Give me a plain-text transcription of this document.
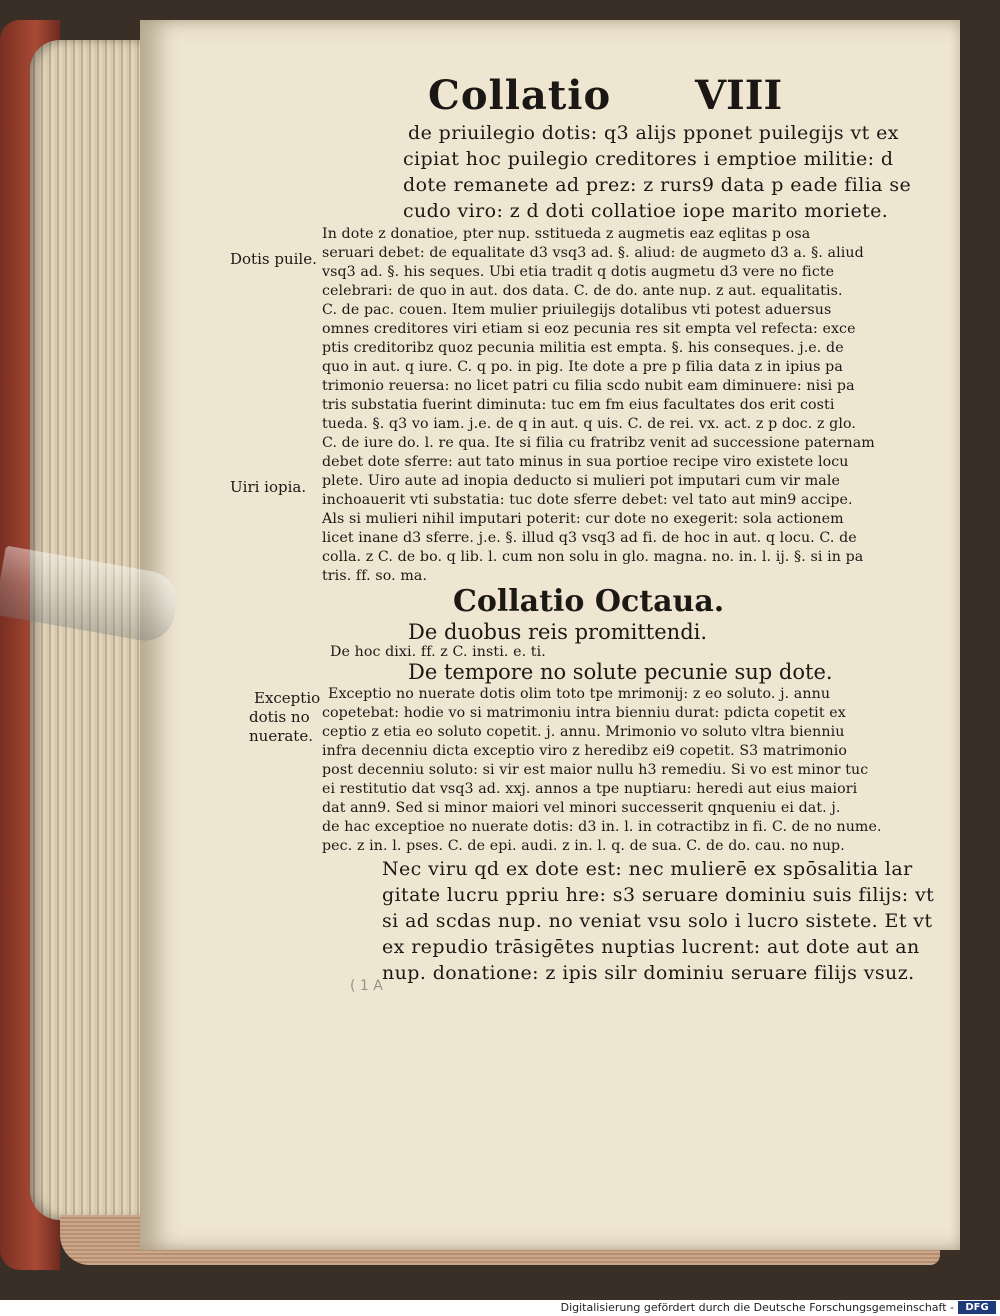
Collatio VIII
de priuilegio dotis: q3 alijs pponet puilegijs vt ex
cipiat hoc puilegio creditores i emptioe militie: d
dote remanete ad prez: z rurs9 data p eade filia se
cudo viro: z d doti collatioe iope marito moriete.
In dote z donatioe, pter nup. sstitueda z augmetis eaz eqlitas p osa
seruari debet: de equalitate d3 vsq3 ad. §. aliud: de augmeto d3 a. §. aliud
vsq3 ad. §. his seques. Ubi etia tradit q dotis augmetu d3 vere no ficte
celebrari: de quo in aut. dos data. C. de do. ante nup. z aut. equalitatis.
C. de pac. couen. Item mulier priuilegijs dotalibus vti potest aduersus
omnes creditores viri etiam si eoz pecunia res sit empta vel refecta: excе
ptis creditoribz quoz pecunia militia est empta. §. his conseques. j.e. de
quo in aut. q iure. C. q po. in pig. Ite dote a pre p filia data z in ipius pa
trimonio reuersa: no licet patri cu filia scdo nubit eam diminuere: nisi pa
tris substatia fuerint diminuta: tuc em fm eius facultates dos erit costi
tueda. §. q3 vo iam. j.e. de q in aut. q uis. C. de rei. vx. act. z p doc. z glo.
C. de iure do. l. re qua. Ite si filia cu fratribz venit ad successione paternam
debet dote sferre: aut tato minus in sua portioe recipe viro existete locu
plete. Uiro aute ad inopia deducto si mulieri pot imputari cum vir male
inchoauerit vti substatia: tuc dote sferre debet: vel tato aut min9 accipe.
Als si mulieri nihil imputari poterit: cur dote no exegerit: sola actionem
licet inane d3 sferre. j.e. §. illud q3 vsq3 ad fi. de hoc in aut. q locu. C. de
colla. z C. de bo. q lib. l. cum non solu in glo. magna. no. in. l. ij. §. si in pa
tris. ff. so. ma.
Dotis puile.
Uiri iopia.
Exceptio
dotis no
nuerate.
Collatio Octaua.
De duobus reis promittendi.
De hoc dixi. ff. z C. insti. e. ti.
De tempore no solute pecunie sup dote.
Exceptio no nuerate dotis olim toto tpe mrimonij: z eo soluto. j. annu
copetebat: hodie vo si matrimoniu intra bienniu durat: pdicta copetit ex
ceptio z etia eo soluto copetit. j. annu. Mrimonio vo soluto vltra bienniu
infra decenniu dicta exceptio viro z heredibz ei9 copetit. S3 matrimonio
post decenniu soluto: si vir est maior nullu h3 remediu. Si vo est minor tuc
ei restitutio dat vsq3 ad. xxj. annos a tpe nuptiaru: heredi aut eius maiori
dat ann9. Sed si minor maiori vel minori successerit qnqueniu ei dat. j.
de hac exceptioe no nuerate dotis: d3 in. l. in cotractibz in fi. C. de no nume.
pec. z in. l. pses. C. de epi. audi. z in. l. q. de sua. C. de do. cau. no nup.
Nec viru qd ex dote est: nec mulierē ex spōsalitia lar
gitate lucru ppriu hre: s3 seruare dominiu suis filijs: vt
si ad scdas nup. no veniat vsu solo i lucro sistete. Et vt
ex repudio trāsigētes nuptias lucrent: aut dote aut an
nup. donatione: z ipis silr dominiu seruare filijs vsuz.
( 1 A
Digitalisierung gefördert durch die Deutsche Forschungsgemeinschaft -	DFG
